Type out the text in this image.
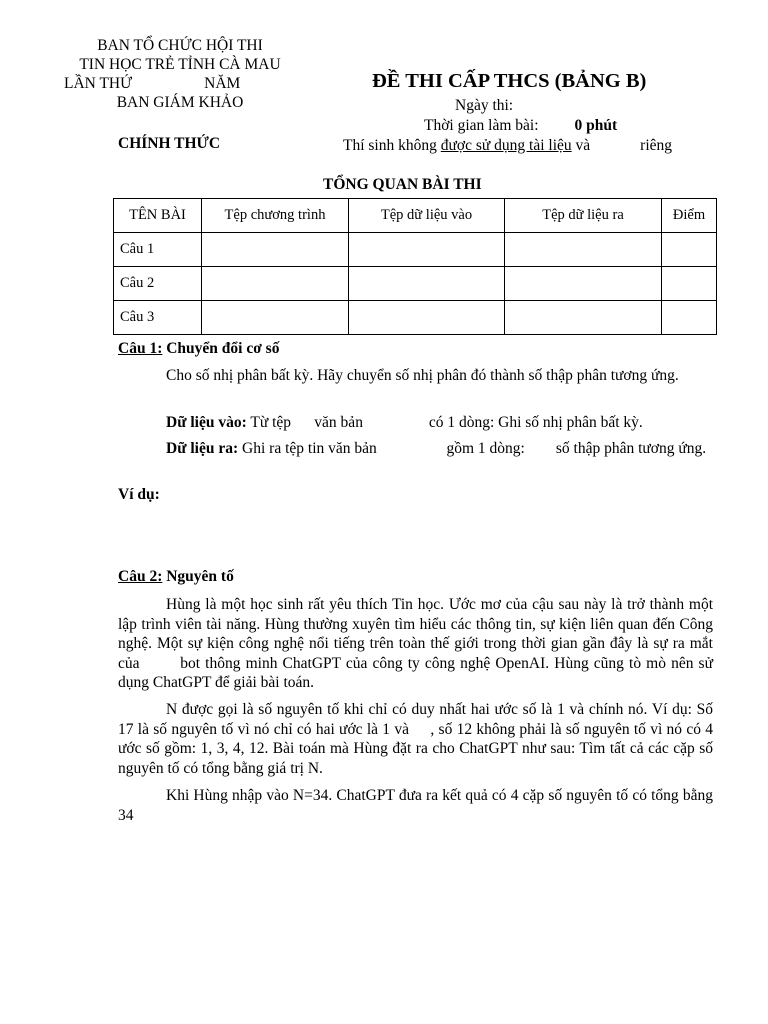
BAN TỔ CHỨC HỘI THI
TIN HỌC TRẺ TỈNH CÀ MAU
LẦN THỨ	NĂM
BAN GIÁM KHẢO
CHÍNH THỨC
ĐỀ THI CẤP THCS (BẢNG B)
Ngày thi:
Thời gian làm bài: 0 phút
Thí sinh không được sử dụng tài liệu và	riêng
TỔNG QUAN BÀI THI
TÊN BÀI	Tệp chương trình	Tệp dữ liệu vào	Tệp dữ liệu ra	Điểm
Câu 1				
Câu 2				
Câu 3				
Câu 1: Chuyển đổi cơ số
Cho số nhị phân bất kỳ. Hãy chuyển số nhị phân đó thành số thập phân tương ứng.
Dữ liệu vào: Từ tệp      văn bản                 có 1 dòng: Ghi số nhị phân bất kỳ.
Dữ liệu ra: Ghi ra tệp tin văn bản                  gồm 1 dòng:        số thập phân tương ứng.
Ví dụ:
Câu 2: Nguyên tố
Hùng là một học sinh rất yêu thích Tin học. Ước mơ của cậu sau này là trở thành một lập trình viên tài năng. Hùng thường xuyên tìm hiểu các thông tin, sự kiện liên quan đến Công nghệ. Một sự kiện công nghệ nổi tiếng trên toàn thế giới trong thời gian gần đây là sự ra mắt của        bot thông minh ChatGPT của công ty công nghệ OpenAI. Hùng cũng tò mò nên sử dụng ChatGPT để giải bài toán.
N được gọi là số nguyên tố khi chỉ có duy nhất hai ước số là 1 và chính nó. Ví dụ: Số 17 là số nguyên tố vì nó chỉ có hai ước là 1 và     , số 12 không phải là số nguyên tố vì nó có 4 ước số gồm: 1, 3, 4, 12. Bài toán mà Hùng đặt ra cho ChatGPT như sau: Tìm tất cả các cặp số nguyên tố có tổng bằng giá trị N.
Khi Hùng nhập vào N=34. ChatGPT đưa ra kết quả có 4 cặp số nguyên tố có tổng bằng 34
